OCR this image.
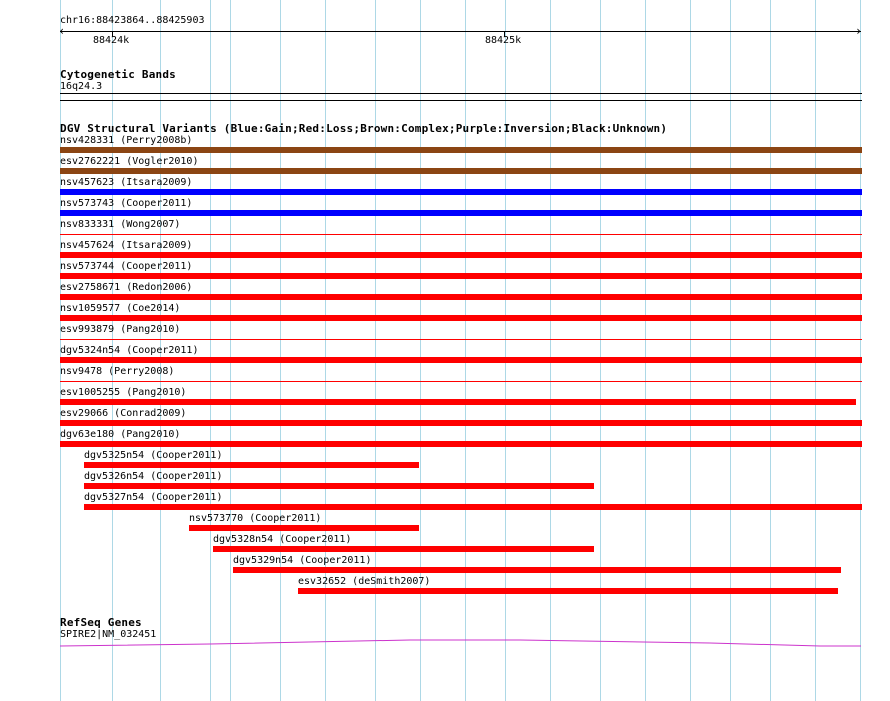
chr16:88423864..88425903
‹	›
88424k	88425k
Cytogenetic Bands
16q24.3
DGV Structural Variants (Blue:Gain;Red:Loss;Brown:Complex;Purple:Inversion;Black:Unknown)
nsv428331 (Perry2008b)
esv2762221 (Vogler2010)
nsv457623 (Itsara2009)
nsv573743 (Cooper2011)
nsv833331 (Wong2007)
nsv457624 (Itsara2009)
nsv573744 (Cooper2011)
esv2758671 (Redon2006)
nsv1059577 (Coe2014)
esv993879 (Pang2010)
dgv5324n54 (Cooper2011)
nsv9478 (Perry2008)
esv1005255 (Pang2010)
esv29066 (Conrad2009)
dgv63e180 (Pang2010)
dgv5325n54 (Cooper2011)
dgv5326n54 (Cooper2011)
dgv5327n54 (Cooper2011)
nsv573770 (Cooper2011)
dgv5328n54 (Cooper2011)
dgv5329n54 (Cooper2011)
esv32652 (deSmith2007)
RefSeq Genes
SPIRE2|NM_032451
